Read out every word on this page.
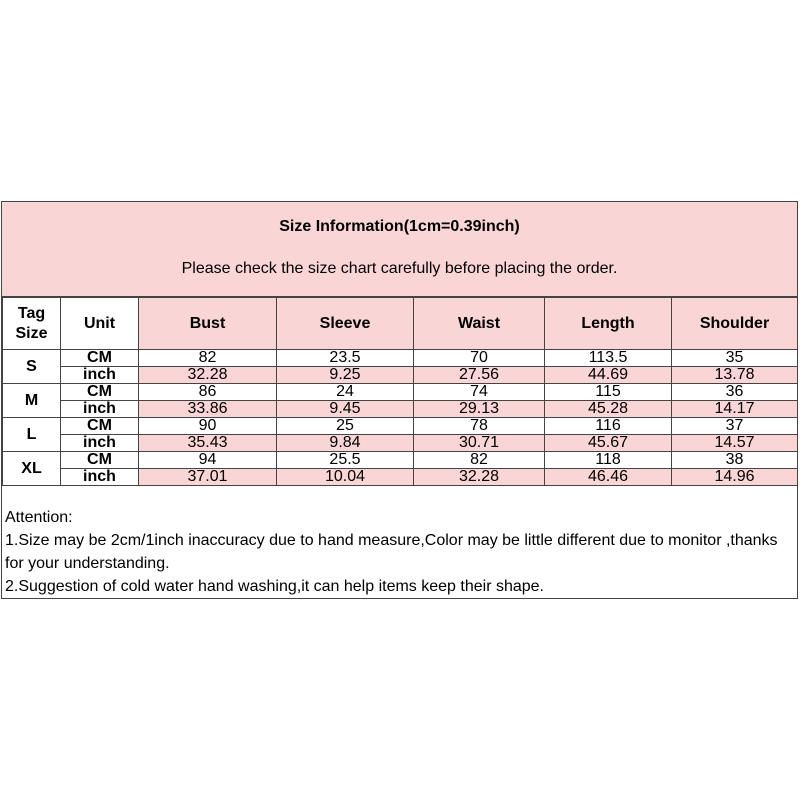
Size Information(1cm=0.39inch)
Please check the size chart carefully before placing the order.
Tag
Size	Unit	Bust	Sleeve	Waist	Length	Shoulder
S	CM	82	23.5	70	113.5	35
	inch	32.28	9.25	27.56	44.69	13.78
M	CM	86	24	74	115	36
	inch	33.86	9.45	29.13	45.28	14.17
L	CM	90	25	78	116	37
	inch	35.43	9.84	30.71	45.67	14.57
XL	CM	94	25.5	82	118	38
	inch	37.01	10.04	32.28	46.46	14.96
Attention:
1.Size may be 2cm/1inch inaccuracy due to hand measure,Color may be little different due to monitor ,thanks for your understanding.
2.Suggestion of cold water hand washing,it can help items keep their shape.
